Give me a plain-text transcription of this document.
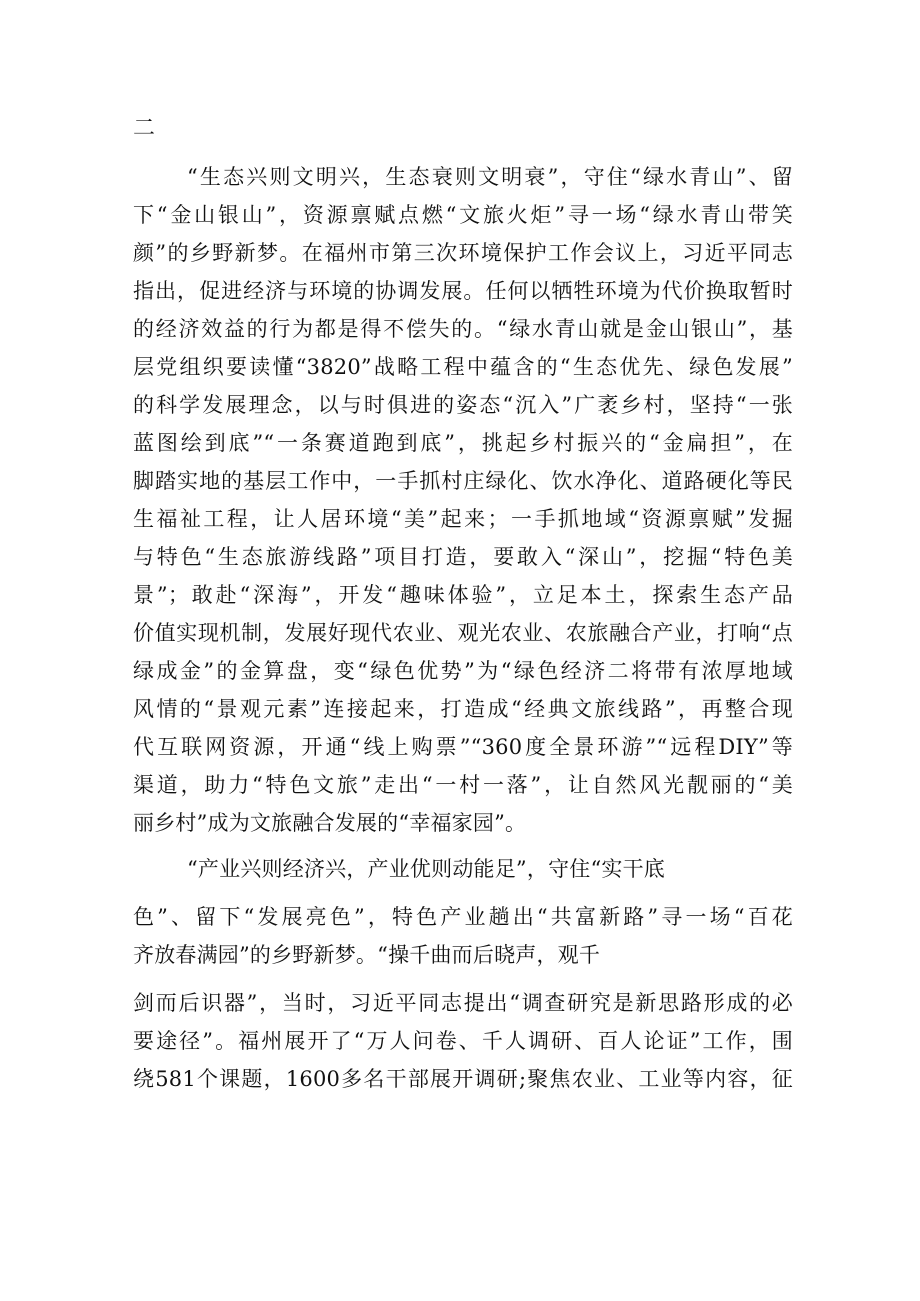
二
“生态兴则文明兴，生态衰则文明衰”，守住“绿水青山”、留
下“金山银山”，资源禀赋点燃“文旅火炬”寻一场“绿水青山带笑
颜”的乡野新梦。在福州市第三次环境保护工作会议上，习近平同志
指出，促进经济与环境的协调发展。任何以牺牲环境为代价换取暂时
的经济效益的行为都是得不偿失的。“绿水青山就是金山银山”，基
层党组织要读懂“3820”战略工程中蕴含的“生态优先、绿色发展”
的科学发展理念，以与时俱进的姿态“沉入”广袤乡村，坚持“一张
蓝图绘到底”“一条赛道跑到底”，挑起乡村振兴的“金扁担”，在
脚踏实地的基层工作中，一手抓村庄绿化、饮水净化、道路硬化等民
生福祉工程，让人居环境“美”起来；一手抓地域“资源禀赋”发掘
与特色“生态旅游线路”项目打造，要敢入“深山”，挖掘“特色美
景”；敢赴“深海”，开发“趣味体验”，立足本土，探索生态产品
价值实现机制，发展好现代农业、观光农业、农旅融合产业，打响“点
绿成金”的金算盘，变“绿色优势”为“绿色经济二将带有浓厚地域
风情的“景观元素”连接起来，打造成“经典文旅线路”，再整合现
代互联网资源，开通“线上购票”“360度全景环游”“远程DIY”等
渠道，助力“特色文旅”走出“一村一落”，让自然风光靓丽的“美
丽乡村”成为文旅融合发展的“幸福家园”。
“产业兴则经济兴，产业优则动能足”，守住“实干底
色”、留下“发展亮色”，特色产业趟出“共富新路”寻一场“百花
齐放春满园”的乡野新梦。“操千曲而后晓声，观千
剑而后识器”，当时，习近平同志提出“调查研究是新思路形成的必
要途径”。福州展开了“万人问卷、千人调研、百人论证”工作，围
绕581个课题，1600多名干部展开调研;聚焦农业、工业等内容，征
